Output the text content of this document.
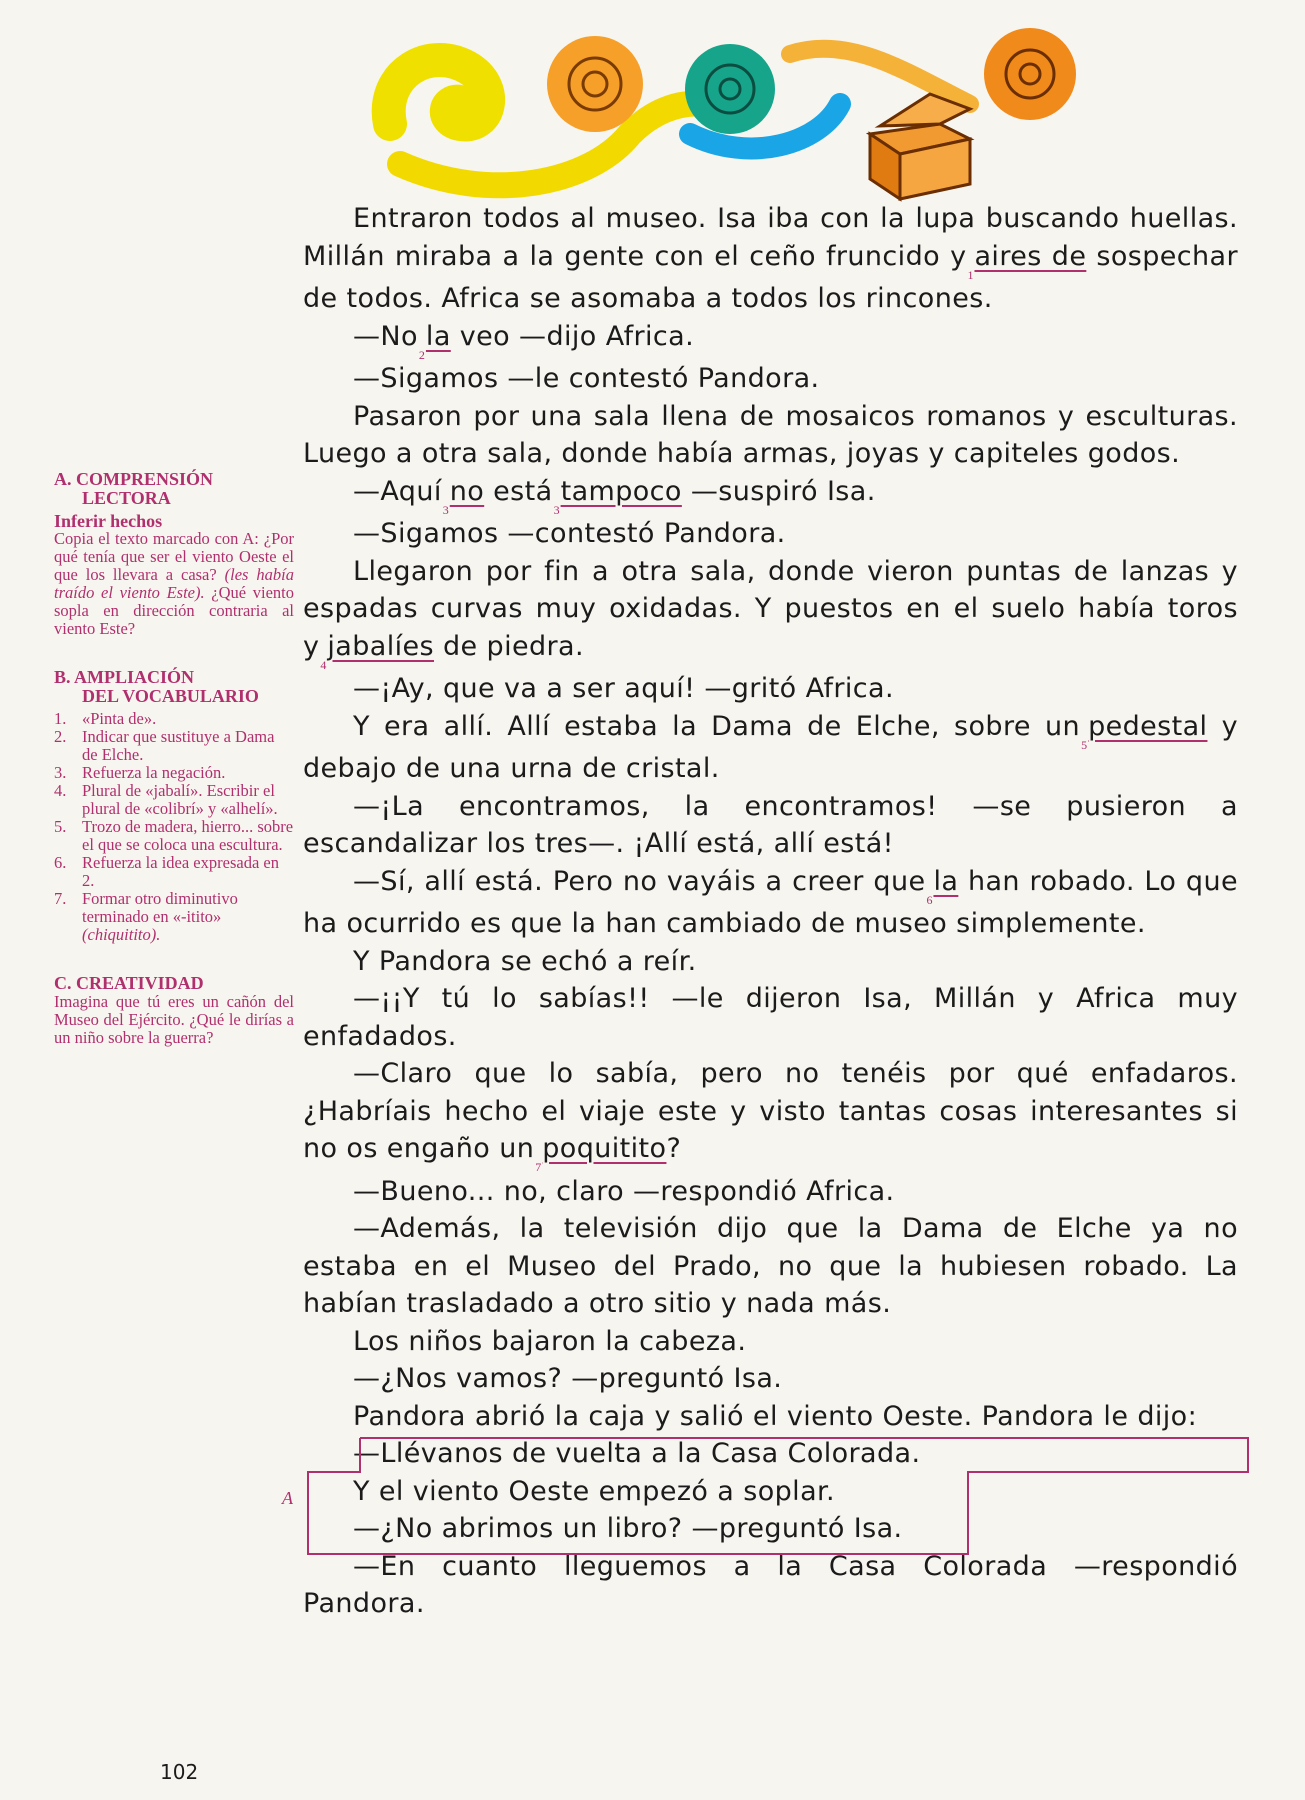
A. COMPRENSIÓN
LECTORA
Inferir hechos
Copia el texto marcado con A: ¿Por qué tenía que ser el viento Oeste el que los llevara a casa? (les había traído el viento Este). ¿Qué viento sopla en dirección contraria al viento Este?
B. AMPLIACIÓN
DEL VOCABULARIO
1. «Pinta de».
2. Indicar que sustituye a Dama de Elche.
3. Refuerza la negación.
4. Plural de «jabalí». Escribir el plural de «colibrí» y «alhelí».
5. Trozo de madera, hierro... sobre el que se coloca una escultura.
6. Refuerza la idea expresada en 2.
7. Formar otro diminutivo terminado en «-itito» (chiquitito).
C. CREATIVIDAD
Imagina que tú eres un cañón del Museo del Ejército. ¿Qué le dirías a un niño sobre la guerra?

Entraron todos al museo. Isa iba con la lupa buscando huellas. Millán miraba a la gente con el ceño fruncido $y_1aires$ de sospechar de todos. Africa se asomaba a todos los rincones.

$—No_2la$ veo —dijo Africa.

—Sigamos —le contestó Pandora.

Pasaron por una sala llena de mosaicos romanos y esculturas. Luego a otra sala, donde había armas, joyas y capiteles godos.

—Aquí$_3$no está$_3$tampoco —suspiró Isa.

—Sigamos —contestó Pandora.

Llegaron por fin a otra sala, donde vieron puntas de lanzas y espadas curvas muy oxidadas. Y puestos en el suelo había toros $y_4jabalíes$ de piedra.

—¡Ay, que va a ser aquí! —gritó Africa.

Y era allí. Allí estaba la Dama de Elche, sobre $un_5pedestal$ y debajo de una urna de cristal.

—¡La encontramos, la encontramos! —se pusieron a escandalizar los tres—. ¡Allí está, allí está!

—Sí, allí está. Pero no vayáis a creer que$_6$la han robado. Lo que ha ocurrido es que la han cambiado de museo simplemente.

Y Pandora se echó a reír.

—¡¡Y tú lo sabías!! —le dijeron Isa, Millán y Africa muy enfadados.

—Claro que lo sabía, pero no tenéis por qué enfadaros. ¿Habríais hecho el viaje este y visto tantas cosas interesantes si no os engaño $un_7poquitito$?

—Bueno... no, claro —respondió Africa.

—Además, la televisión dijo que la Dama de Elche ya no estaba en el Museo del Prado, no que la hubiesen robado. La habían trasladado a otro sitio y nada más.

Los niños bajaron la cabeza.

—¿Nos vamos? —preguntó Isa.

Pandora abrió la caja y salió el viento Oeste. Pandora le dijo:

—Llévanos de vuelta a la Casa Colorada.

Y el viento Oeste empezó a soplar.

—¿No abrimos un libro? —preguntó Isa.

—En cuanto lleguemos a la Casa Colorada —respondió Pandora.

A
102
